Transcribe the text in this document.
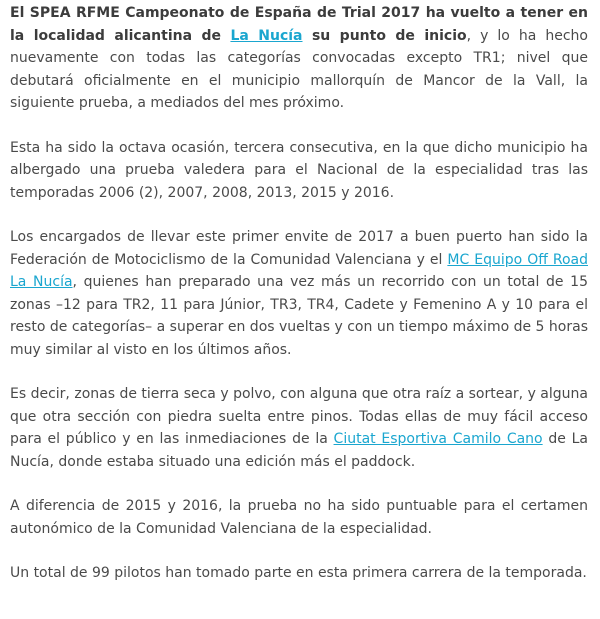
El SPEA RFME Campeonato de España de Trial 2017 ha vuelto a tener en la localidad alicantina de La Nucía su punto de inicio, y lo ha hecho nuevamente con todas las categorías convocadas excepto TR1; nivel que debutará oficialmente en el municipio mallorquín de Mancor de la Vall, la siguiente prueba, a mediados del mes próximo.

Esta ha sido la octava ocasión, tercera consecutiva, en la que dicho municipio ha albergado una prueba valedera para el Nacional de la especialidad tras las temporadas 2006 (2), 2007, 2008, 2013, 2015 y 2016.

Los encargados de llevar este primer envite de 2017 a buen puerto han sido la Federación de Motociclismo de la Comunidad Valenciana y el MC Equipo Off Road La Nucía, quienes han preparado una vez más un recorrido con un total de 15 zonas –12 para TR2, 11 para Júnior, TR3, TR4, Cadete y Femenino A y 10 para el resto de categorías– a superar en dos vueltas y con un tiempo máximo de 5 horas muy similar al visto en los últimos años.

Es decir, zonas de tierra seca y polvo, con alguna que otra raíz a sortear, y alguna que otra sección con piedra suelta entre pinos. Todas ellas de muy fácil acceso para el público y en las inmediaciones de la Ciutat Esportiva Camilo Cano de La Nucía, donde estaba situado una edición más el paddock.

A diferencia de 2015 y 2016, la prueba no ha sido puntuable para el certamen autonómico de la Comunidad Valenciana de la especialidad.

Un total de 99 pilotos han tomado parte en esta primera carrera de la temporada.
